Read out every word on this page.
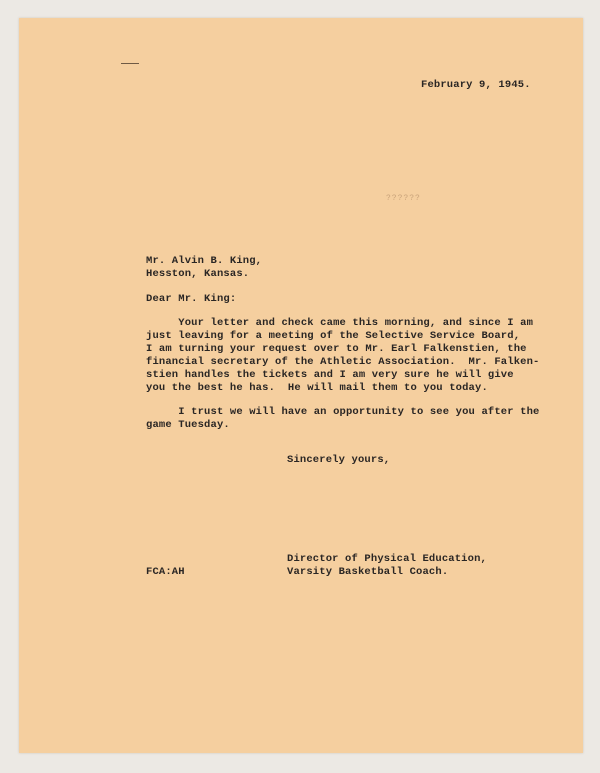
February 9, 1945.
??????
Mr. Alvin B. King,
Hesston, Kansas.
Dear Mr. King:
Your letter and check came this morning, and since I am
just leaving for a meeting of the Selective Service Board,
I am turning your request over to Mr. Earl Falkenstien, the
financial secretary of the Athletic Association.  Mr. Falken-
stien handles the tickets and I am very sure he will give
you the best he has.  He will mail them to you today.
I trust we will have an opportunity to see you after the
game Tuesday.
Sincerely yours,
Director of Physical Education,
Varsity Basketball Coach.
FCA:AH
